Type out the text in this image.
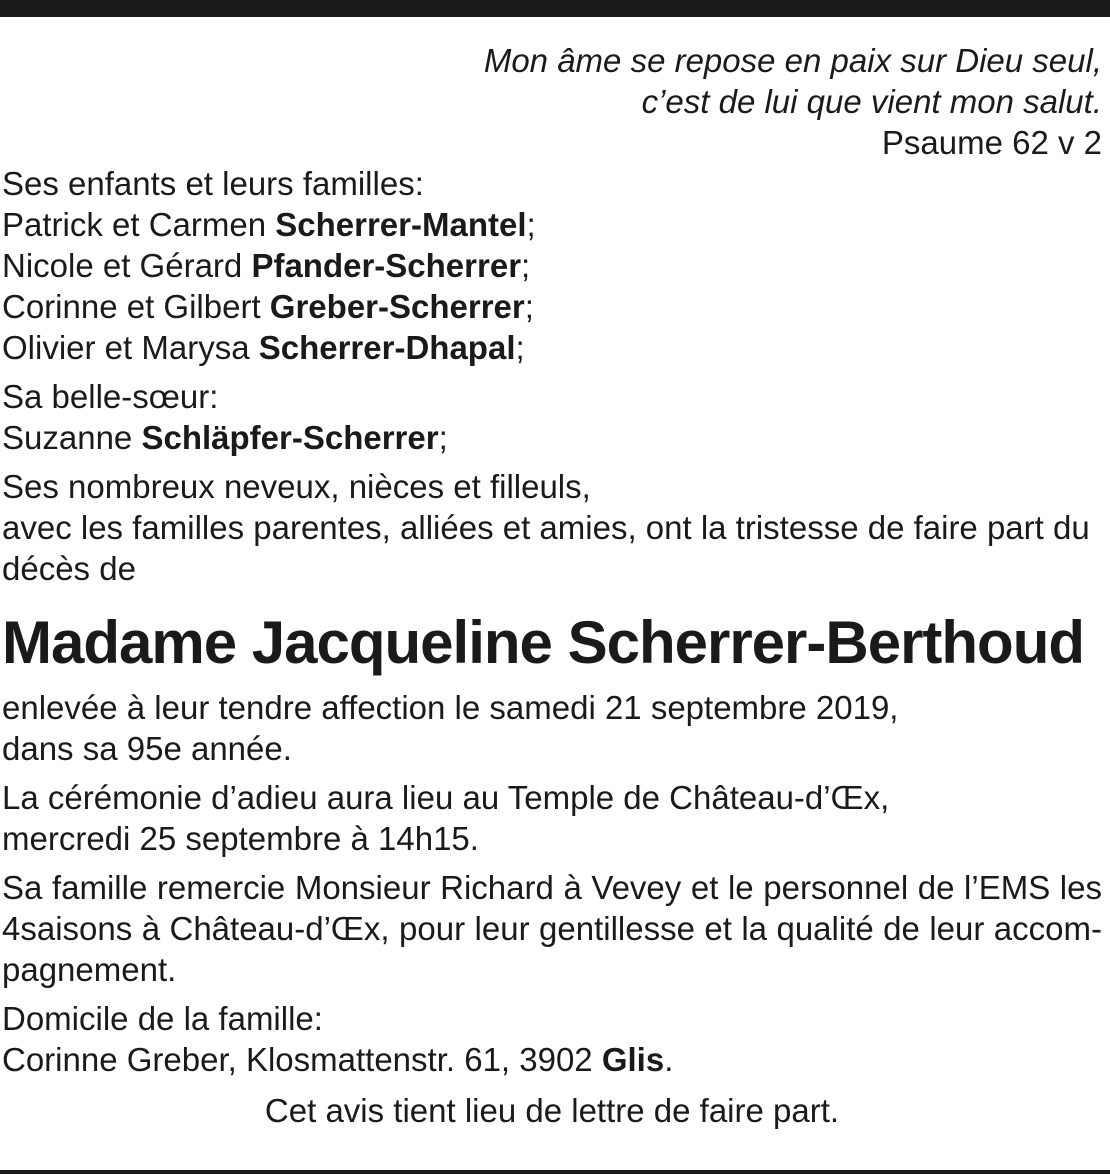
Mon âme se repose en paix sur Dieu seul,
c’est de lui que vient mon salut.
Psaume 62 v 2
Ses enfants et leurs familles:
Patrick et Carmen Scherrer-Mantel;
Nicole et Gérard Pfander-Scherrer;
Corinne et Gilbert Greber-Scherrer;
Olivier et Marysa Scherrer-Dhapal;
Sa belle-sœur:
Suzanne Schläpfer-Scherrer;
Ses nombreux neveux, nièces et filleuls,
avec les familles parentes, alliées et amies, ont la tristesse de faire part du décès de
Madame Jacqueline Scherrer-Berthoud
enlevée à leur tendre affection le samedi 21 septembre 2019,
dans sa 95e année.
La cérémonie d’adieu aura lieu au Temple de Château-d’Œx,
mercredi 25 septembre à 14h15.
Sa famille remercie Monsieur Richard à Vevey et le personnel de l’EMS les 4saisons à Château-d’Œx, pour leur gentillesse et la qualité de leur accompagnement.
Domicile de la famille:
Corinne Greber, Klosmattenstr. 61, 3902 Glis.
Cet avis tient lieu de lettre de faire part.
